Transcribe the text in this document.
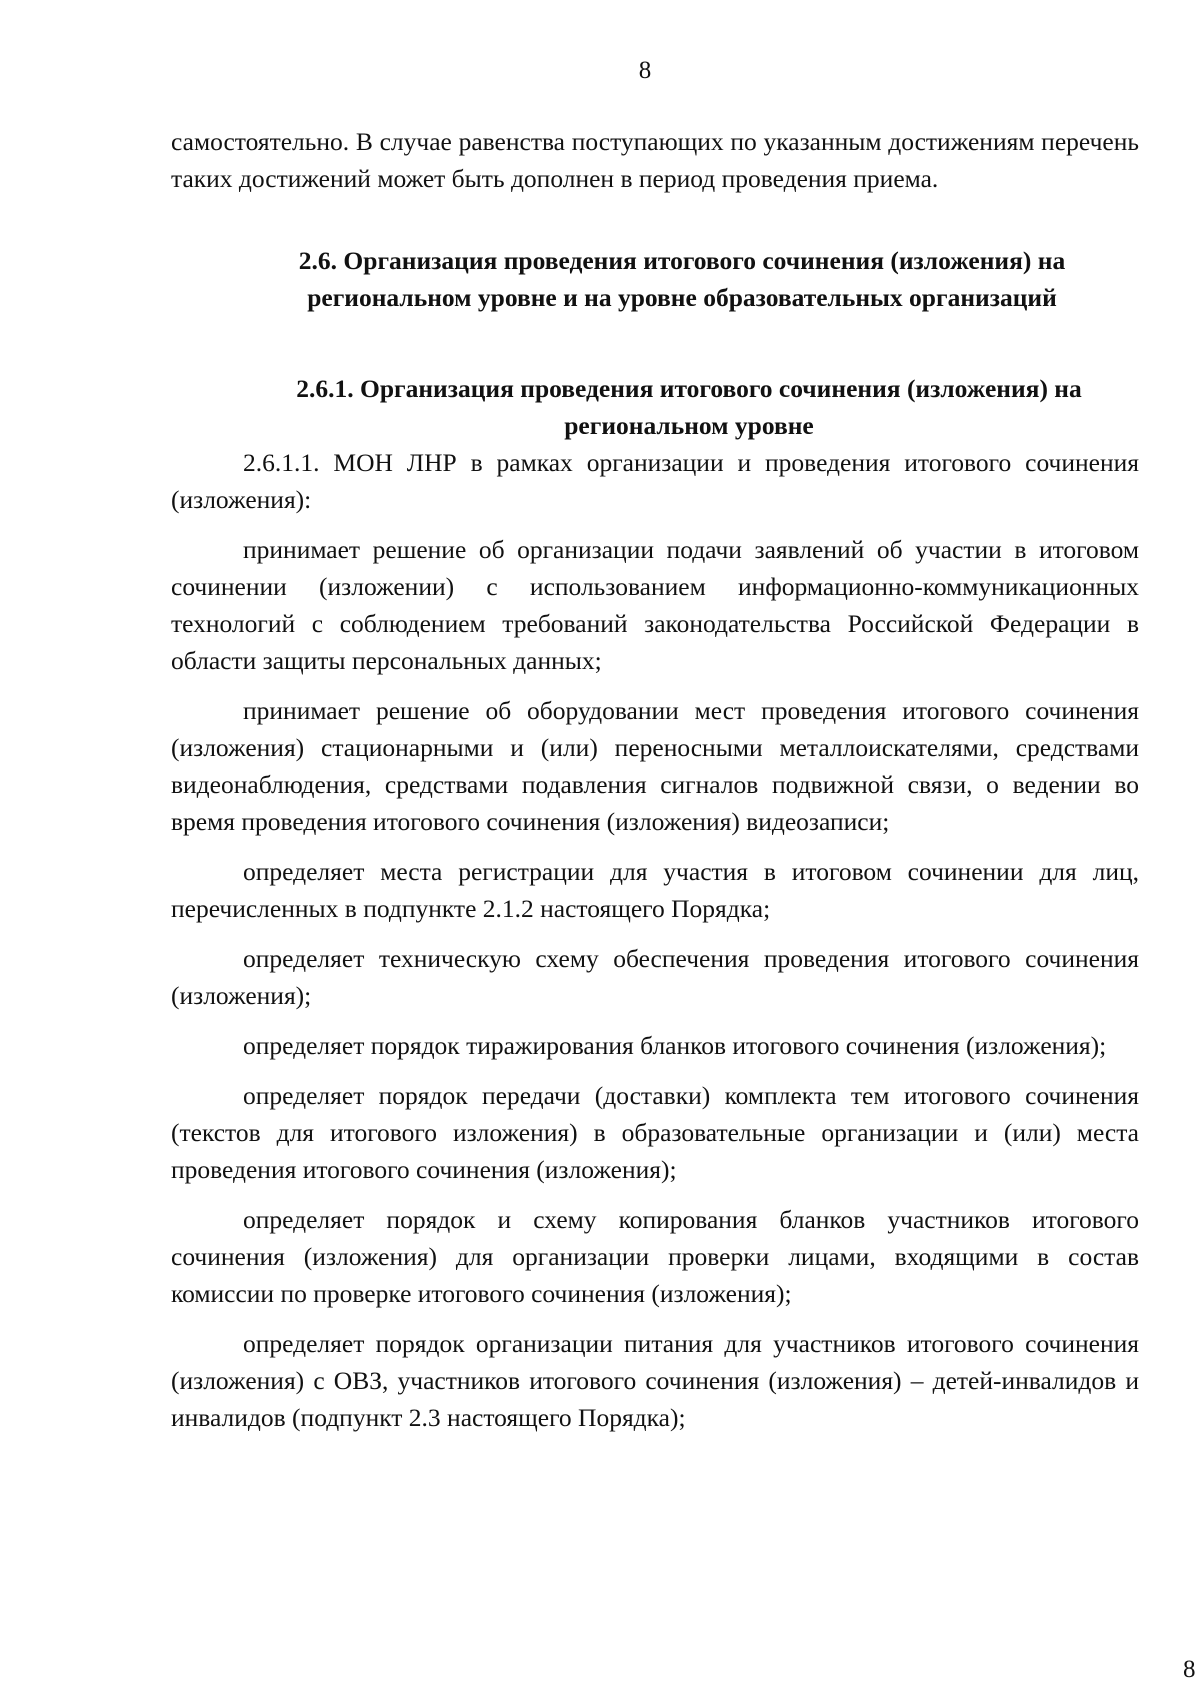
8

самостоятельно. В случае равенства поступающих по указанным достижениям перечень таких достижений может быть дополнен в период проведения приема.

2.6. Организация проведения итогового сочинения (изложения) на региональном уровне и на уровне образовательных организаций
2.6.1. Организация проведения итогового сочинения (изложения) на региональном уровне

2.6.1.1. МОН ЛНР в рамках организации и проведения итогового сочинения (изложения):

принимает решение об организации подачи заявлений об участии в итоговом сочинении (изложении) с использованием информационно-коммуникационных технологий с соблюдением требований законодательства Российской Федерации в области защиты персональных данных;

принимает решение об оборудовании мест проведения итогового сочинения (изложения) стационарными и (или) переносными металлоискателями, средствами видеонаблюдения, средствами подавления сигналов подвижной связи, о ведении во время проведения итогового сочинения (изложения) видеозаписи;

определяет места регистрации для участия в итоговом сочинении для лиц, перечисленных в подпункте 2.1.2 настоящего Порядка;

определяет техническую схему обеспечения проведения итогового сочинения (изложения);

определяет порядок тиражирования бланков итогового сочинения (изложения);

определяет порядок передачи (доставки) комплекта тем итогового сочинения (текстов для итогового изложения) в образовательные организации и (или) места проведения итогового сочинения (изложения);

определяет порядок и схему копирования бланков участников итогового сочинения (изложения) для организации проверки лицами, входящими в состав комиссии по проверке итогового сочинения (изложения);

определяет порядок организации питания для участников итогового сочинения (изложения) с ОВЗ, участников итогового сочинения (изложения) – детей-инвалидов и инвалидов (подпункт 2.3 настоящего Порядка);

8
